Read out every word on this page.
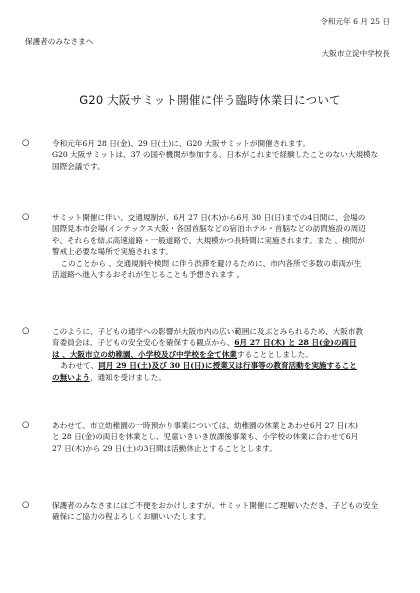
令和元年 6 月 25 日
保護者のみなさまへ
大阪市立淀中学校長
G20 大阪サミット開催に伴う臨時休業日について
○	令和元年6月 28 日(金)、29 日(土)に、G20 大阪サミットが開催されます。

G20 大阪サミットは、37 の国や機関が参加する、日本がこれまで経験したことのない大規模な

国際会議です。

○	サミット開催に伴い、交通規制が、6月 27 日(木)から6月 30 日(日)までの4日間に、会場の

国際見本市会場(インテックス大阪・各国首脳などの宿泊ホテル・首脳などの訪問施設の周辺

や、それらを結ぶ高速道路・一般道路で、大規模かつ長時間に実施されます。また 、検問が

警戒上必要な場所で実施されます。

このことから 、交通規制や検問 に伴う渋滞を避けるために、市内各所で多数の車両が生

活道路へ進入するおそれが生じることも予想されます 。

○	このように、子どもの通学への影響が大阪市内の広い範囲に及ぶとみられるため、大阪市教

育委員会は、子どもの安全安心を確保する観点から、6月 27 日(木) と 28 日(金)の両日

は 、大阪市立の幼稚園、小学校及び中学校を全て休業することとしました。

あわせて、同月 29 日(土)及び 30 日(日)に授業又は行事等の教育活動を実施すること

の無いよう、通知を受けました。

○	あわせて、市立幼稚園の一時預かり事業については、幼稚園の休業とあわせ6月 27 日(木)

と 28 日(金)の両日を休業とし、児童いきいき放課後事業も、小学校の休業に合わせて6月

27 日(木)から 29 日(土)の3日間は活動休止とすることとします。

○	保護者のみなさまにはご不便をおかけしますが、サミット開催にご理解いただき、子どもの安全

確保にご協力の程よろしくお願いいたします。
